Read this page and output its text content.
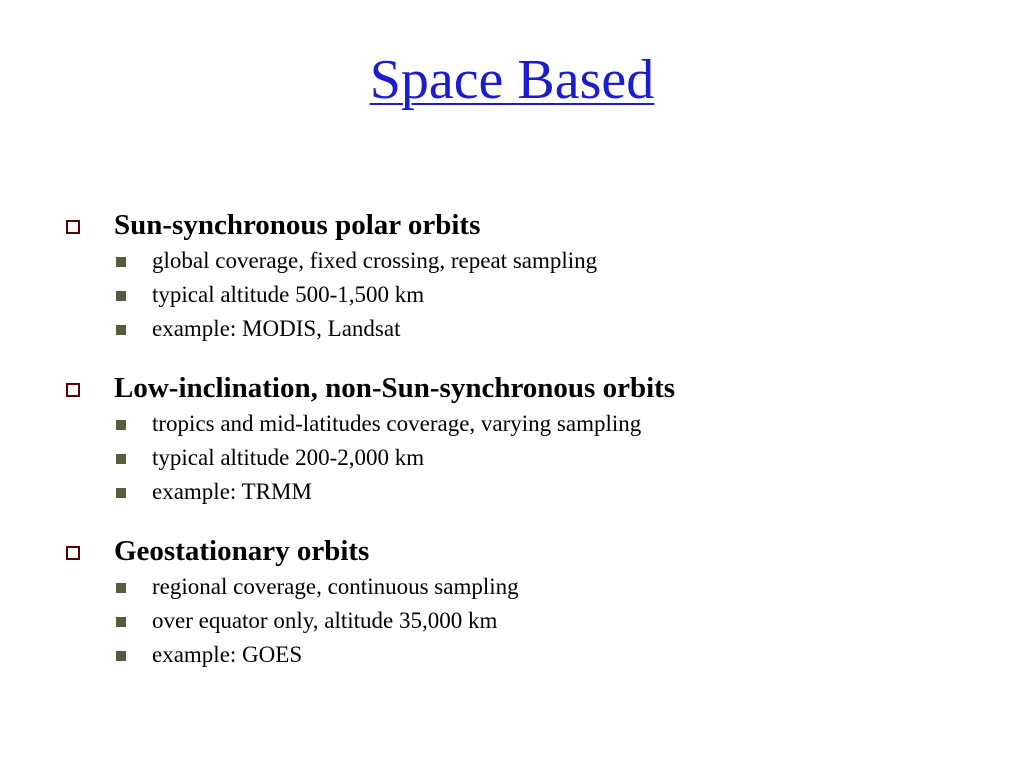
Space Based
Sun-synchronous polar orbits
global coverage, fixed crossing, repeat sampling
typical altitude 500-1,500 km
example: MODIS, Landsat
Low-inclination, non-Sun-synchronous orbits
tropics and mid-latitudes coverage, varying sampling
typical altitude 200-2,000 km
example: TRMM
Geostationary orbits
regional coverage, continuous sampling
over equator only, altitude 35,000 km
example: GOES
